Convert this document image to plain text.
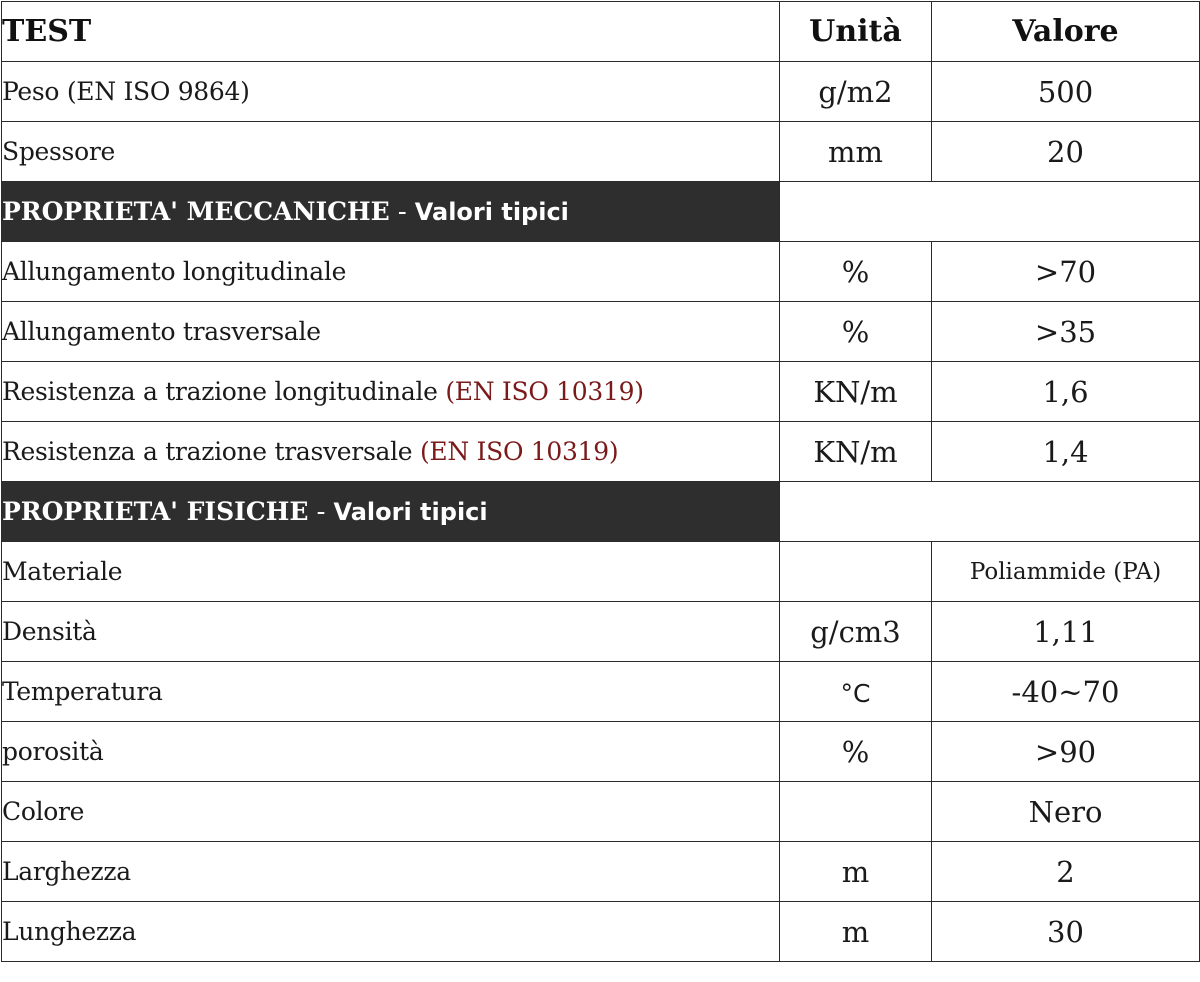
TEST	Unità	Valore
Peso (EN ISO 9864)	g/m2	500
Spessore	mm	20
PROPRIETA' MECCANICHE - Valori tipici		
Allungamento longitudinale	%	>70
Allungamento trasversale	%	>35
Resistenza a trazione longitudinale (EN ISO 10319)	KN/m	1,6
Resistenza a trazione trasversale (EN ISO 10319)	KN/m	1,4
PROPRIETA' FISICHE - Valori tipici		
Materiale		Poliammide (PA)
Densità	g/cm3	1,11
Temperatura	°C	-40~70
porosità	%	>90
Colore		Nero
Larghezza	m	2
Lunghezza	m	30
